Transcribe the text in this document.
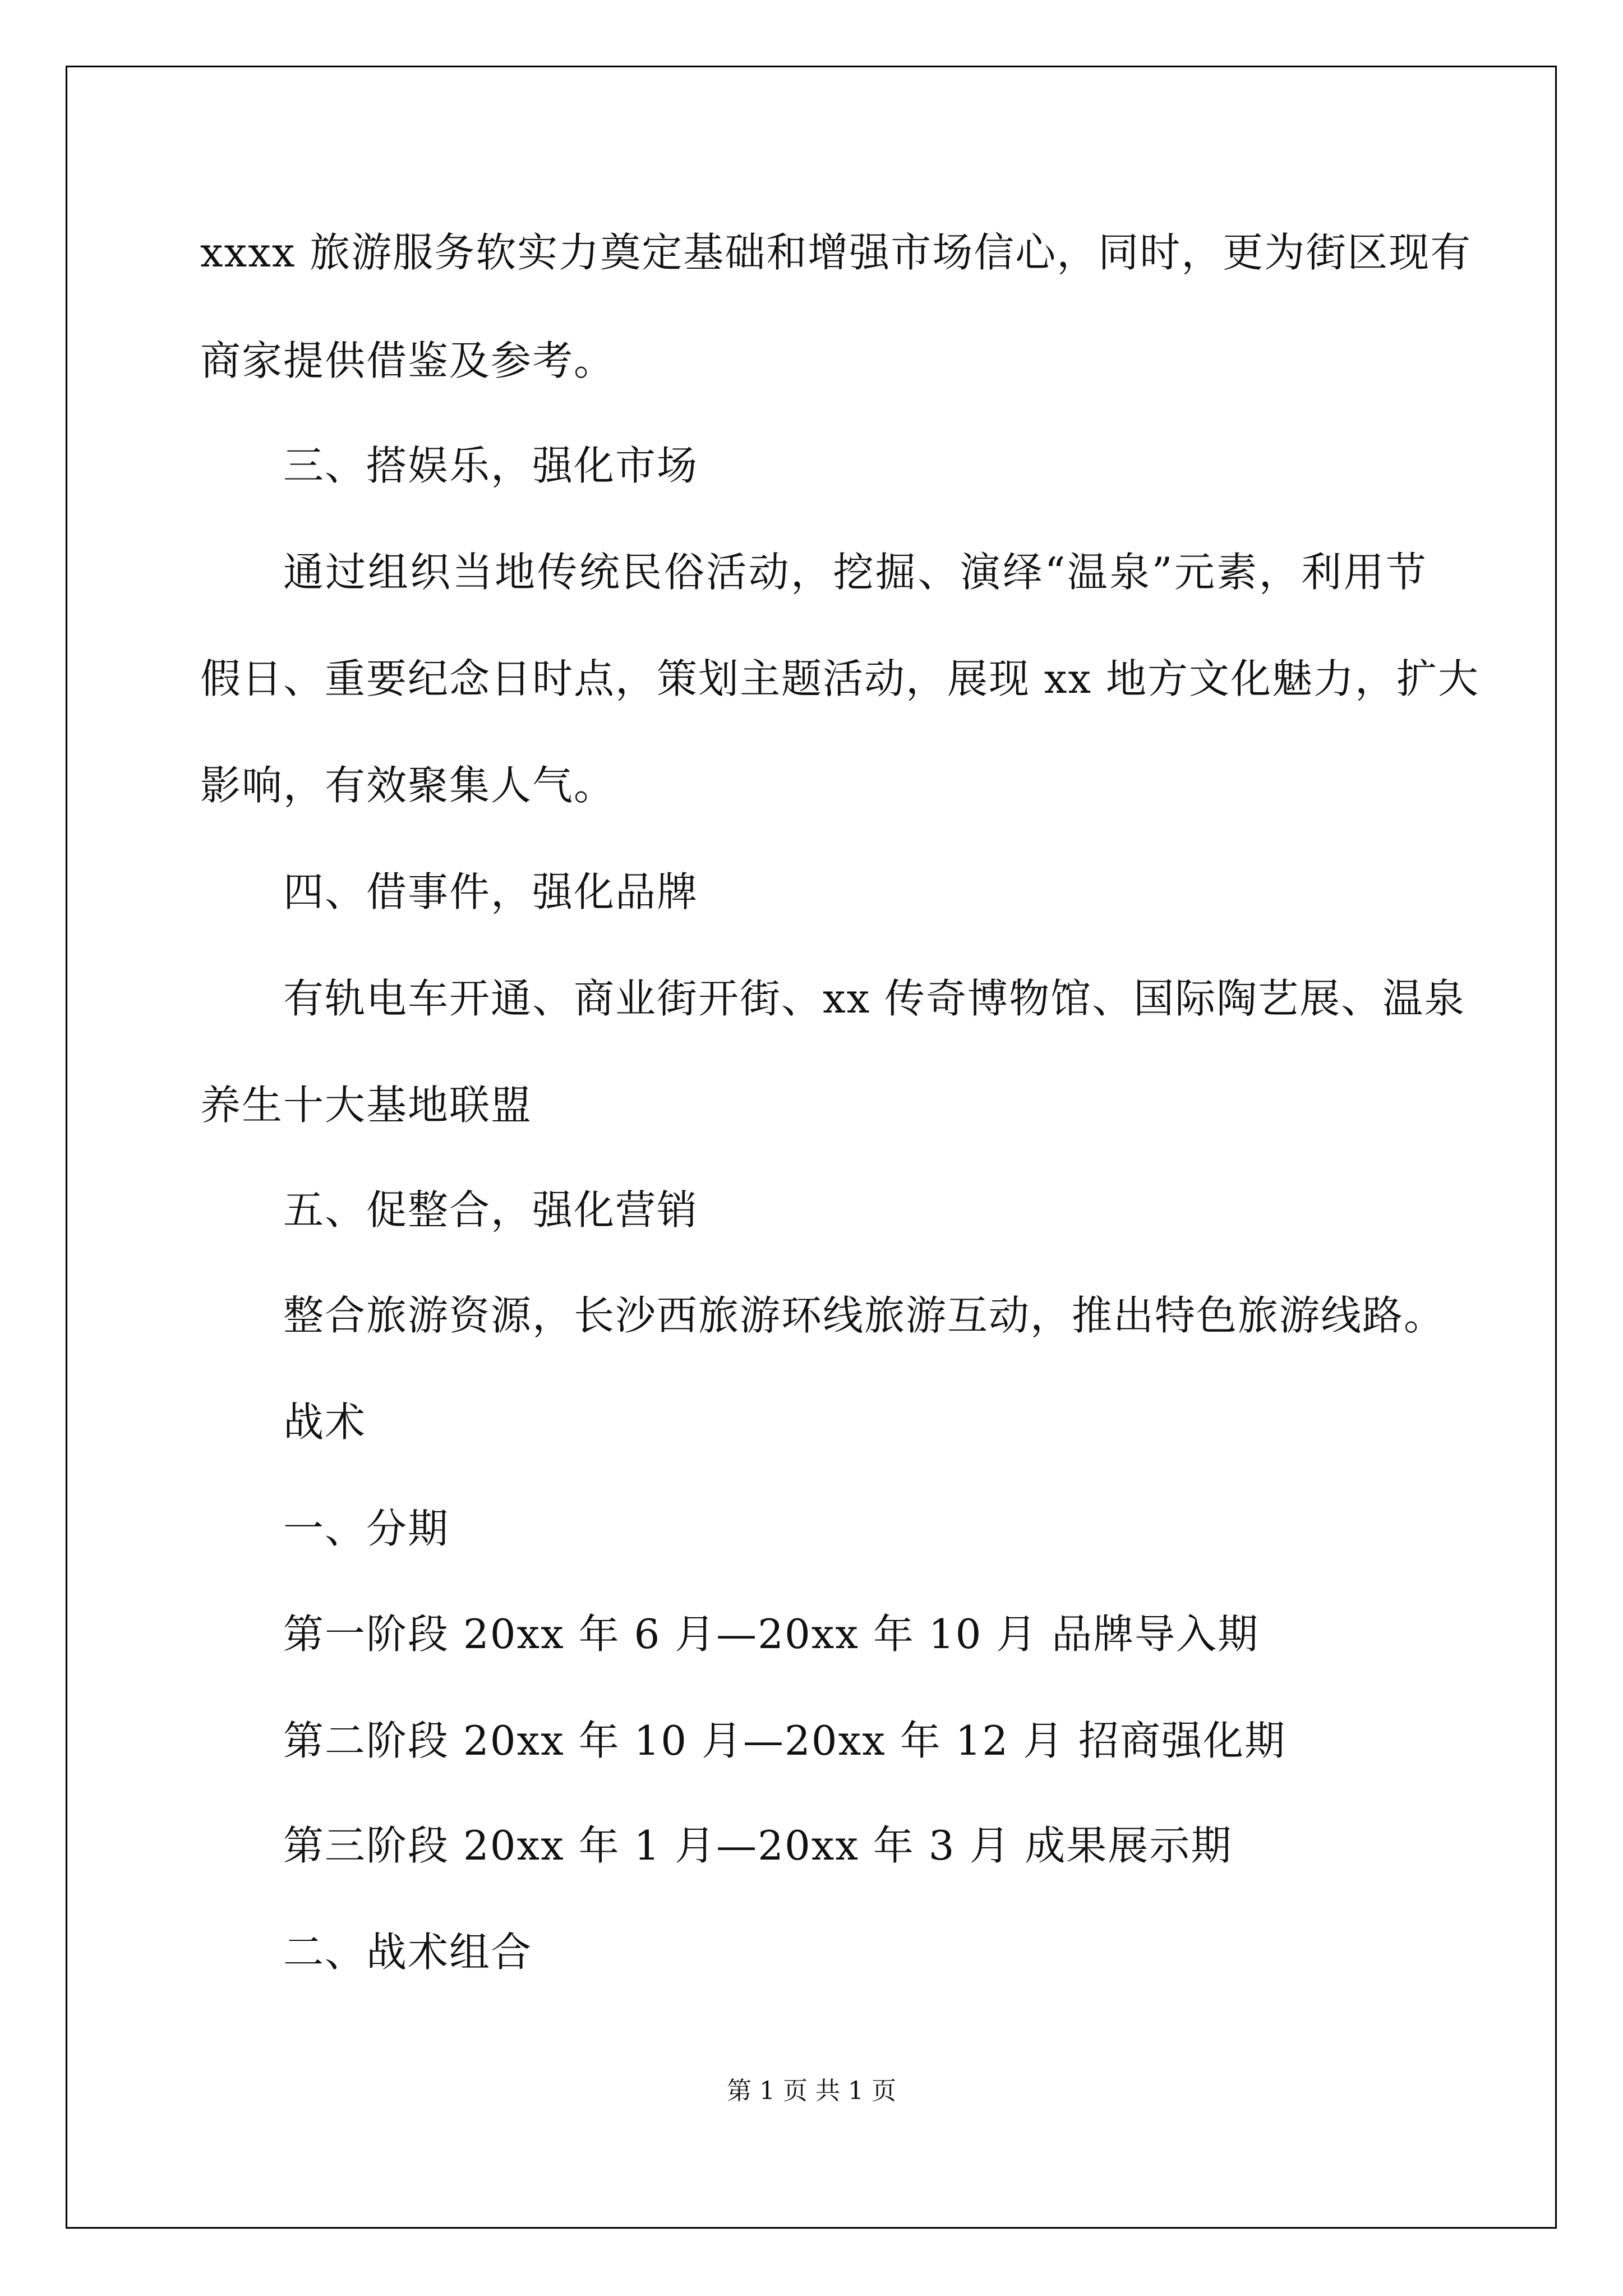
xxxx 旅游服务软实力奠定基础和增强市场信心，同时，更为街区现有
商家提供借鉴及参考。
三、搭娱乐，强化市场
通过组织当地传统民俗活动，挖掘、演绎“温泉”元素，利用节
假日、重要纪念日时点，策划主题活动，展现 xx 地方文化魅力，扩大
影响，有效聚集人气。
四、借事件，强化品牌
有轨电车开通、商业街开街、xx 传奇博物馆、国际陶艺展、温泉
养生十大基地联盟
五、促整合，强化营销
整合旅游资源，长沙西旅游环线旅游互动，推出特色旅游线路。
战术
一、分期
第一阶段 20xx 年 6 月—20xx 年 10 月 品牌导入期
第二阶段 20xx 年 10 月—20xx 年 12 月 招商强化期
第三阶段 20xx 年 1 月—20xx 年 3 月 成果展示期
二、战术组合
第 1 页 共 1 页
